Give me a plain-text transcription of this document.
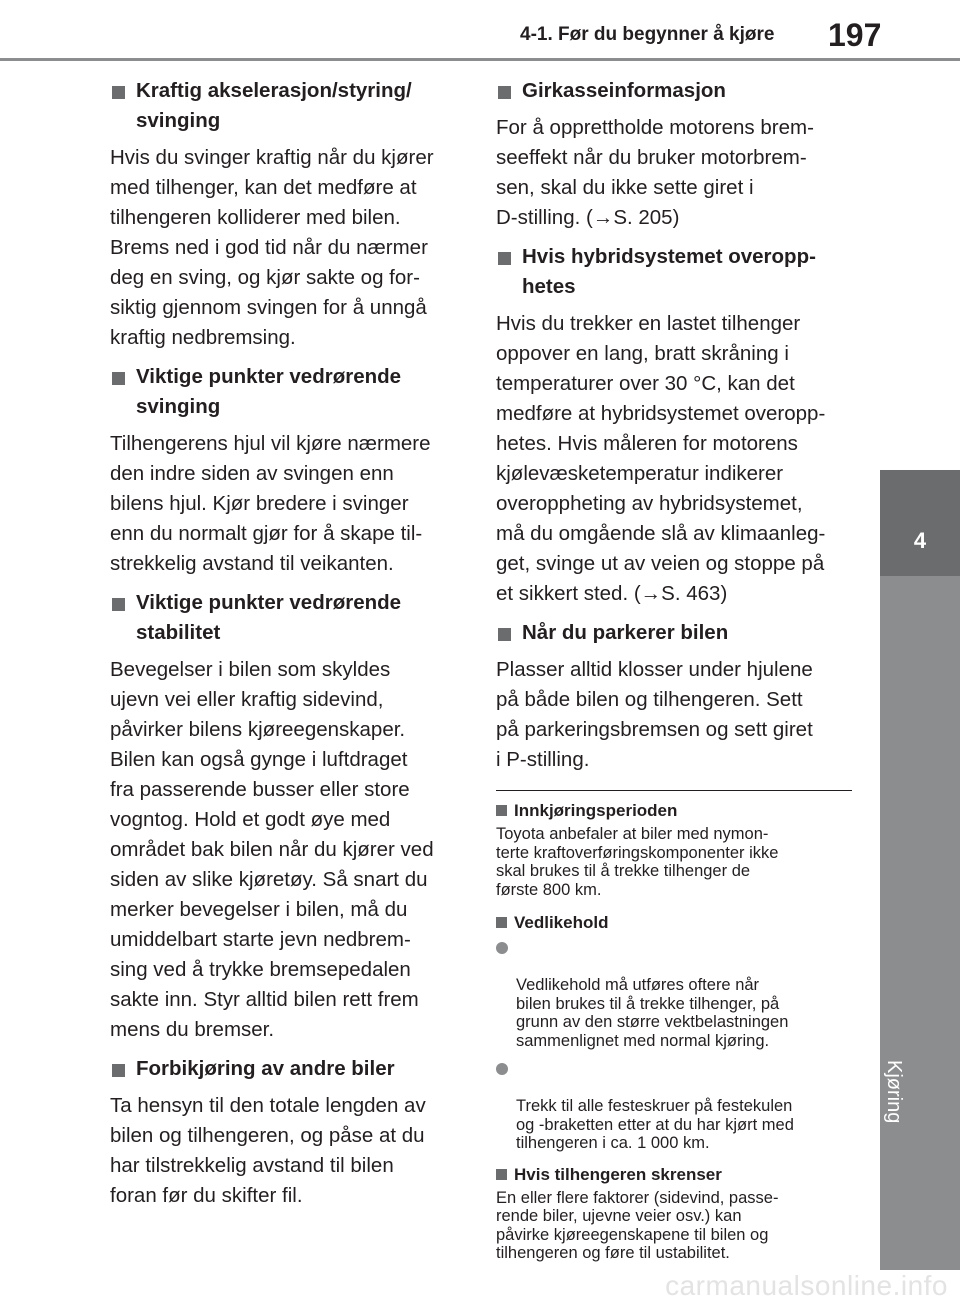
4-1. Før du begynner å kjøre 197
4
Kjøring
Kraftig akselerasjon/styring/
svinging
Hvis du svinger kraftig når du kjører
med tilhenger, kan det medføre at
tilhengeren kolliderer med bilen.
Brems ned i god tid når du nærmer
deg en sving, og kjør sakte og for-
siktig gjennom svingen for å unngå
kraftig nedbremsing.
Viktige punkter vedrørende
svinging
Tilhengerens hjul vil kjøre nærmere
den indre siden av svingen enn
bilens hjul. Kjør bredere i svinger
enn du normalt gjør for å skape til-
strekkelig avstand til veikanten.
Viktige punkter vedrørende
stabilitet
Bevegelser i bilen som skyldes
ujevn vei eller kraftig sidevind,
påvirker bilens kjøreegenskaper.
Bilen kan også gynge i luftdraget
fra passerende busser eller store
vogntog. Hold et godt øye med
området bak bilen når du kjører ved
siden av slike kjøretøy. Så snart du
merker bevegelser i bilen, må du
umiddelbart starte jevn nedbrem-
sing ved å trykke bremsepedalen
sakte inn. Styr alltid bilen rett frem
mens du bremser.
Forbikjøring av andre biler
Ta hensyn til den totale lengden av
bilen og tilhengeren, og påse at du
har tilstrekkelig avstand til bilen
foran før du skifter fil.
Girkasseinformasjon
For å opprettholde motorens brem-
seeffekt når du bruker motorbrem-
sen, skal du ikke sette giret i
D-stilling. (→S. 205)
Hvis hybridsystemet overopp-
hetes
Hvis du trekker en lastet tilhenger
oppover en lang, bratt skråning i
temperaturer over 30 °C, kan det
medføre at hybridsystemet overopp-
hetes. Hvis måleren for motorens
kjølevæsketemperatur indikerer
overoppheting av hybridsystemet,
må du omgående slå av klimaanleg-
get, svinge ut av veien og stoppe på
et sikkert sted. (→S. 463)
Når du parkerer bilen
Plasser alltid klosser under hjulene
på både bilen og tilhengeren. Sett
på parkeringsbremsen og sett giret
i P-stilling.
Innkjøringsperioden
Toyota anbefaler at biler med nymon-
terte kraftoverføringskomponenter ikke
skal brukes til å trekke tilhenger de
første 800 km.
Vedlikehold

Vedlikehold må utføres oftere når
bilen brukes til å trekke tilhenger, på
grunn av den større vektbelastningen
sammenlignet med normal kjøring.

Trekk til alle festeskruer på festekulen
og -braketten etter at du har kjørt med
tilhengeren i ca. 1 000 km.

Hvis tilhengeren skrenser
En eller flere faktorer (sidevind, passe-
rende biler, ujevne veier osv.) kan
påvirke kjøreegenskapene til bilen og
tilhengeren og føre til ustabilitet.
carmanualsonline.info
